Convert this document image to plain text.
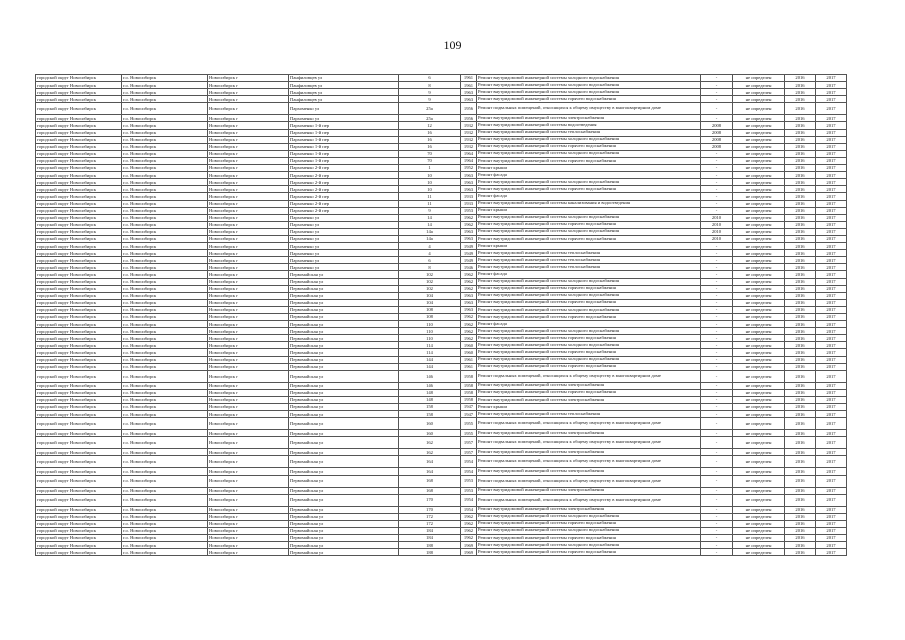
109
городской округ Новосибирск	г.о. Новосибирск	Новосибирск г	Панфиловцев ул	6	1961	Ремонт внутридомовой инженерной системы холодного водоснабжения	-	не определен	2016	2017
городской округ Новосибирск	г.о. Новосибирск	Новосибирск г	Панфиловцев ул	8	1961	Ремонт внутридомовой инженерной системы холодного водоснабжения	-	не определен	2016	2017
городской округ Новосибирск	г.о. Новосибирск	Новосибирск г	Панфиловцев ул	9	1963	Ремонт внутридомовой инженерной системы холодного водоснабжения	-	не определен	2016	2017
городской округ Новосибирск	г.о. Новосибирск	Новосибирск г	Панфиловцев ул	9	1963	Ремонт внутридомовой инженерной системы горячего водоснабжения	-	не определен	2016	2017
городской округ Новосибирск	г.о. Новосибирск	Новосибирск г	Пархоменко ул	25а	1956	Ремонт подвальных помещений, относящихся к общему имуществу в многоквартирном доме	-	не определен	2016	2017
городской округ Новосибирск	г.о. Новосибирск	Новосибирск г	Пархоменко ул	25а	1956	Ремонт внутридомовой инженерной системы электроснабжения	-	не определен	2016	2017
городской округ Новосибирск	г.о. Новосибирск	Новосибирск г	Пархоменко 1-й пер	12	1932	Ремонт внутридомовой инженерной системы водоотведения	2008	не определен	2016	2017
городской округ Новосибирск	г.о. Новосибирск	Новосибирск г	Пархоменко 1-й пер	16	1932	Ремонт внутридомовой инженерной системы теплоснабжения	2008	не определен	2016	2017
городской округ Новосибирск	г.о. Новосибирск	Новосибирск г	Пархоменко 1-й пер	16	1932	Ремонт внутридомовой инженерной системы холодного водоснабжения	2008	не определен	2016	2017
городской округ Новосибирск	г.о. Новосибирск	Новосибирск г	Пархоменко 1-й пер	16	1932	Ремонт внутридомовой инженерной системы горячего водоснабжения	2008	не определен	2016	2017
городской округ Новосибирск	г.о. Новосибирск	Новосибирск г	Пархоменко 1-й пер	70	1964	Ремонт внутридомовой инженерной системы холодного водоснабжения	-	не определен	2016	2017
городской округ Новосибирск	г.о. Новосибирск	Новосибирск г	Пархоменко 1-й пер	70	1964	Ремонт внутридомовой инженерной системы горячего водоснабжения	-	не определен	2016	2017
городской округ Новосибирск	г.о. Новосибирск	Новосибирск г	Пархоменко 2-й пер	1	1952	Ремонт крыши	-	не определен	2016	2017
городской округ Новосибирск	г.о. Новосибирск	Новосибирск г	Пархоменко 2-й пер	10	1963	Ремонт фасада	-	не определен	2016	2017
городской округ Новосибирск	г.о. Новосибирск	Новосибирск г	Пархоменко 2-й пер	10	1963	Ремонт внутридомовой инженерной системы холодного водоснабжения	-	не определен	2016	2017
городской округ Новосибирск	г.о. Новосибирск	Новосибирск г	Пархоменко 2-й пер	10	1963	Ремонт внутридомовой инженерной системы горячего водоснабжения	-	не определен	2016	2017
городской округ Новосибирск	г.о. Новосибирск	Новосибирск г	Пархоменко 2-й пер	11	1933	Ремонт фасада	-	не определен	2016	2017
городской округ Новосибирск	г.о. Новосибирск	Новосибирск г	Пархоменко 2-й пер	11	1933	Ремонт внутридомовой инженерной системы канализования и водоотведения	-	не определен	2016	2017
городской округ Новосибирск	г.о. Новосибирск	Новосибирск г	Пархоменко 2-й пер	9	1953	Ремонт крыши	-	не определен	2016	2017
городской округ Новосибирск	г.о. Новосибирск	Новосибирск г	Пархоменко ул	14	1962	Ремонт внутридомовой инженерной системы холодного водоснабжения	2010	не определен	2016	2017
городской округ Новосибирск	г.о. Новосибирск	Новосибирск г	Пархоменко ул	14	1962	Ремонт внутридомовой инженерной системы горячего водоснабжения	2010	не определен	2016	2017
городской округ Новосибирск	г.о. Новосибирск	Новосибирск г	Пархоменко ул	14а	1963	Ремонт внутридомовой инженерной системы холодного водоснабжения	2010	не определен	2016	2017
городской округ Новосибирск	г.о. Новосибирск	Новосибирск г	Пархоменко ул	14а	1963	Ремонт внутридомовой инженерной системы горячего водоснабжения	2010	не определен	2016	2017
городской округ Новосибирск	г.о. Новосибирск	Новосибирск г	Пархоменко ул	4	1949	Ремонт крыши	-	не определен	2016	2017
городской округ Новосибирск	г.о. Новосибирск	Новосибирск г	Пархоменко ул	4	1949	Ремонт внутридомовой инженерной системы теплоснабжения	-	не определен	2016	2017
городской округ Новосибирск	г.о. Новосибирск	Новосибирск г	Пархоменко ул	6	1949	Ремонт внутридомовой инженерной системы теплоснабжения	-	не определен	2016	2017
городской округ Новосибирск	г.о. Новосибирск	Новосибирск г	Пархоменко ул	8	1946	Ремонт внутридомовой инженерной системы теплоснабжения	-	не определен	2016	2017
городской округ Новосибирск	г.о. Новосибирск	Новосибирск г	Первомайская ул	102	1962	Ремонт фасада	-	не определен	2016	2017
городской округ Новосибирск	г.о. Новосибирск	Новосибирск г	Первомайская ул	102	1962	Ремонт внутридомовой инженерной системы холодного водоснабжения	-	не определен	2016	2017
городской округ Новосибирск	г.о. Новосибирск	Новосибирск г	Первомайская ул	102	1962	Ремонт внутридомовой инженерной системы горячего водоснабжения	-	не определен	2016	2017
городской округ Новосибирск	г.о. Новосибирск	Новосибирск г	Первомайская ул	104	1963	Ремонт внутридомовой инженерной системы холодного водоснабжения	-	не определен	2016	2017
городской округ Новосибирск	г.о. Новосибирск	Новосибирск г	Первомайская ул	104	1963	Ремонт внутридомовой инженерной системы горячего водоснабжения	-	не определен	2016	2017
городской округ Новосибирск	г.о. Новосибирск	Новосибирск г	Первомайская ул	108	1963	Ремонт внутридомовой инженерной системы холодного водоснабжения	-	не определен	2016	2017
городской округ Новосибирск	г.о. Новосибирск	Новосибирск г	Первомайская ул	108	1962	Ремонт внутридомовой инженерной системы горячего водоснабжения	-	не определен	2016	2017
городской округ Новосибирск	г.о. Новосибирск	Новосибирск г	Первомайская ул	110	1962	Ремонт фасада	-	не определен	2016	2017
городской округ Новосибирск	г.о. Новосибирск	Новосибирск г	Первомайская ул	110	1962	Ремонт внутридомовой инженерной системы холодного водоснабжения	-	не определен	2016	2017
городской округ Новосибирск	г.о. Новосибирск	Новосибирск г	Первомайская ул	110	1962	Ремонт внутридомовой инженерной системы горячего водоснабжения	-	не определен	2016	2017
городской округ Новосибирск	г.о. Новосибирск	Новосибирск г	Первомайская ул	114	1960	Ремонт внутридомовой инженерной системы холодного водоснабжения	-	не определен	2016	2017
городской округ Новосибирск	г.о. Новосибирск	Новосибирск г	Первомайская ул	114	1960	Ремонт внутридомовой инженерной системы горячего водоснабжения	-	не определен	2016	2017
городской округ Новосибирск	г.о. Новосибирск	Новосибирск г	Первомайская ул	144	1961	Ремонт внутридомовой инженерной системы холодного водоснабжения	-	не определен	2016	2017
городской округ Новосибирск	г.о. Новосибирск	Новосибирск г	Первомайская ул	144	1961	Ремонт внутридомовой инженерной системы горячего водоснабжения	-	не определен	2016	2017
городской округ Новосибирск	г.о. Новосибирск	Новосибирск г	Первомайская ул	146	1958	Ремонт подвальных помещений, относящихся к общему имуществу в многоквартирном доме	-	не определен	2016	2017
городской округ Новосибирск	г.о. Новосибирск	Новосибирск г	Первомайская ул	146	1958	Ремонт внутридомовой инженерной системы электроснабжения	-	не определен	2016	2017
городской округ Новосибирск	г.о. Новосибирск	Новосибирск г	Первомайская ул	148	1958	Ремонт внутридомовой инженерной системы горячего водоснабжения	-	не определен	2016	2017
городской округ Новосибирск	г.о. Новосибирск	Новосибирск г	Первомайская ул	148	1958	Ремонт внутридомовой инженерной системы электроснабжения	-	не определен	2016	2017
городской округ Новосибирск	г.о. Новосибирск	Новосибирск г	Первомайская ул	158	1947	Ремонт крыши	-	не определен	2016	2017
городской округ Новосибирск	г.о. Новосибирск	Новосибирск г	Первомайская ул	158	1947	Ремонт внутридомовой инженерной системы теплоснабжения	-	не определен	2016	2017
городской округ Новосибирск	г.о. Новосибирск	Новосибирск г	Первомайская ул	160	1955	Ремонт подвальных помещений, относящихся к общему имуществу в многоквартирном доме	-	не определен	2016	2017
городской округ Новосибирск	г.о. Новосибирск	Новосибирск г	Первомайская ул	160	1955	Ремонт внутридомовой инженерной системы электроснабжения	-	не определен	2016	2017
городской округ Новосибирск	г.о. Новосибирск	Новосибирск г	Первомайская ул	162	1957	Ремонт подвальных помещений, относящихся к общему имуществу в многоквартирном доме	-	не определен	2016	2017
городской округ Новосибирск	г.о. Новосибирск	Новосибирск г	Первомайская ул	162	1957	Ремонт внутридомовой инженерной системы электроснабжения	-	не определен	2016	2017
городской округ Новосибирск	г.о. Новосибирск	Новосибирск г	Первомайская ул	164	1954	Ремонт подвальных помещений, относящихся к общему имуществу в многоквартирном доме	-	не определен	2016	2017
городской округ Новосибирск	г.о. Новосибирск	Новосибирск г	Первомайская ул	164	1954	Ремонт внутридомовой инженерной системы электроснабжения	-	не определен	2016	2017
городской округ Новосибирск	г.о. Новосибирск	Новосибирск г	Первомайская ул	168	1953	Ремонт подвальных помещений, относящихся к общему имуществу в многоквартирном доме	-	не определен	2016	2017
городской округ Новосибирск	г.о. Новосибирск	Новосибирск г	Первомайская ул	168	1953	Ремонт внутридомовой инженерной системы электроснабжения	-	не определен	2016	2017
городской округ Новосибирск	г.о. Новосибирск	Новосибирск г	Первомайская ул	170	1954	Ремонт подвальных помещений, относящихся к общему имуществу в многоквартирном доме	-	не определен	2016	2017
городской округ Новосибирск	г.о. Новосибирск	Новосибирск г	Первомайская ул	170	1954	Ремонт внутридомовой инженерной системы электроснабжения	-	не определен	2016	2017
городской округ Новосибирск	г.о. Новосибирск	Новосибирск г	Первомайская ул	172	1962	Ремонт внутридомовой инженерной системы холодного водоснабжения	-	не определен	2016	2017
городской округ Новосибирск	г.о. Новосибирск	Новосибирск г	Первомайская ул	172	1962	Ремонт внутридомовой инженерной системы горячего водоснабжения	-	не определен	2016	2017
городской округ Новосибирск	г.о. Новосибирск	Новосибирск г	Первомайская ул	184	1962	Ремонт внутридомовой инженерной системы холодного водоснабжения	-	не определен	2016	2017
городской округ Новосибирск	г.о. Новосибирск	Новосибирск г	Первомайская ул	184	1962	Ремонт внутридомовой инженерной системы горячего водоснабжения	-	не определен	2016	2017
городской округ Новосибирск	г.о. Новосибирск	Новосибирск г	Первомайская ул	188	1969	Ремонт внутридомовой инженерной системы холодного водоснабжения	-	не определен	2016	2017
городской округ Новосибирск	г.о. Новосибирск	Новосибирск г	Первомайская ул	188	1969	Ремонт внутридомовой инженерной системы горячего водоснабжения	-	не определен	2016	2017
